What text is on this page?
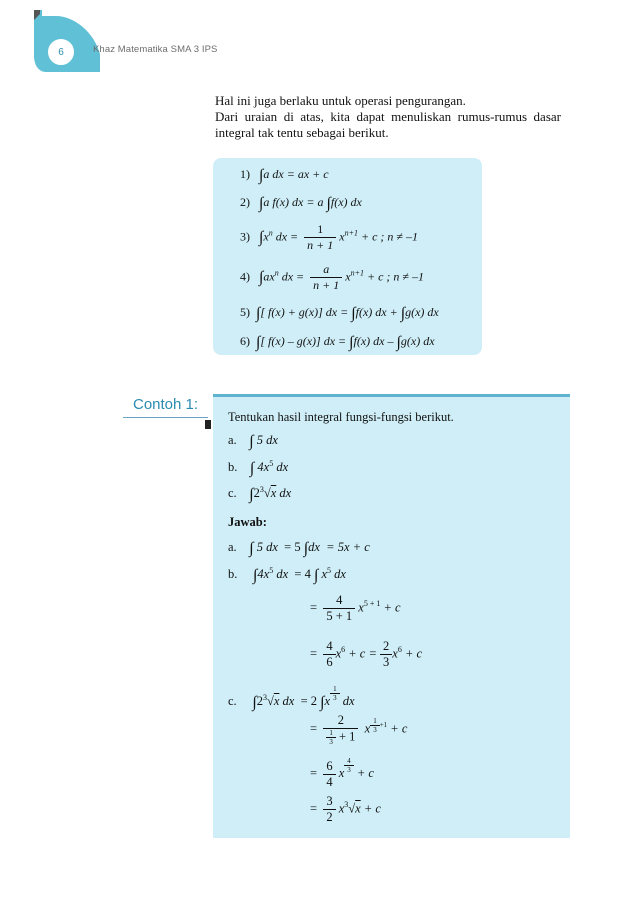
6	Khaz Matematika SMA 3 IPS
Hal ini juga berlaku untuk operasi pengurangan.
Dari uraian di atas, kita dapat menuliskan rumus-rumus dasar
integral tak tentu sebagai berikut.
1) ∫a dx = ax + c
2) ∫a f(x) dx = a ∫f(x) dx
3) $\int x^n$ dx = $\frac{1}{n + 1} x^{n+1} + c$ ; n ≠ –1
4) $\int ax^n$ dx = $\frac{a}{n + 1} x^{n+1} + c$ ; n ≠ –1
5) ∫[ f(x) + g(x)] dx = ∫f(x) dx + ∫g(x) dx
6) ∫[ f(x) – g(x)] dx = ∫f(x) dx – ∫g(x) dx
Contoh 1:
Tentukan hasil integral fungsi-fungsi berikut.
a. ∫ 5 dx
b. ∫ $4x^5$ dx
c. $\int 2^3√x$ dx
Jawab:
a. ∫ 5 dx = 5 ∫dx = 5x + c
b. $\int 4x^5$ dx = 4 ∫ $x^5$ dx
= $\frac{4}{5 + 1} x^{5 + 1} + c$
= $\frac{4}{6} x^6 + c = \frac{2}{3} x^6 + c$
c. $\int 2^3√x$ dx = 2 $\int x \frac{1}{3}$ dx
= $\frac{2}{\frac{1}{3} + 1}$ x $^{\frac{1}{3} +1}$ + c
= $\frac{6}{4}$ x $\frac{4}{3} + c$
= $\frac{3}{2} x^3√x + c$
